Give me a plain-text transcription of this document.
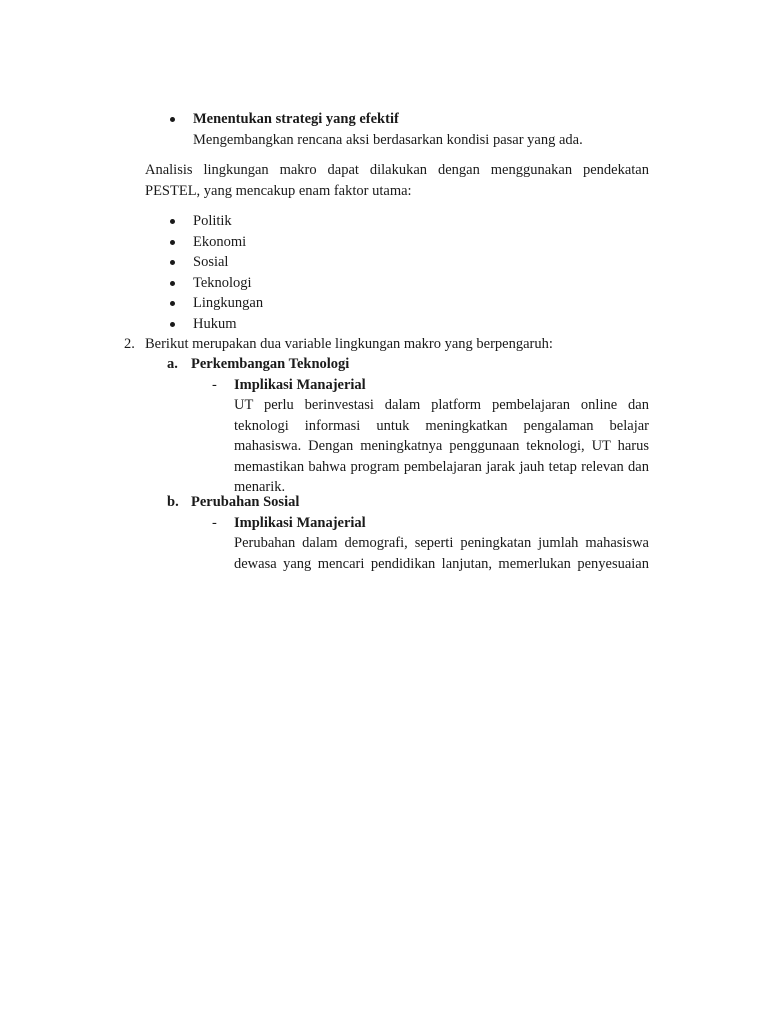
Menentukan strategi yang efektif
Mengembangkan rencana aksi berdasarkan kondisi pasar yang ada.
Analisis lingkungan makro dapat dilakukan dengan menggunakan pendekatan
PESTEL, yang mencakup enam faktor utama:
Politik
Ekonomi
Sosial
Teknologi
Lingkungan
Hukum
2. Berikut merupakan dua variable lingkungan makro yang berpengaruh:
a. Perkembangan Teknologi
- Implikasi Manajerial
UT perlu berinvestasi dalam platform pembelajaran online dan
teknologi informasi untuk meningkatkan pengalaman belajar
mahasiswa. Dengan meningkatnya penggunaan teknologi, UT harus
memastikan bahwa program pembelajaran jarak jauh tetap relevan dan
menarik.
b. Perubahan Sosial
- Implikasi Manajerial
Perubahan dalam demografi, seperti peningkatan jumlah mahasiswa
dewasa yang mencari pendidikan lanjutan, memerlukan penyesuaian
